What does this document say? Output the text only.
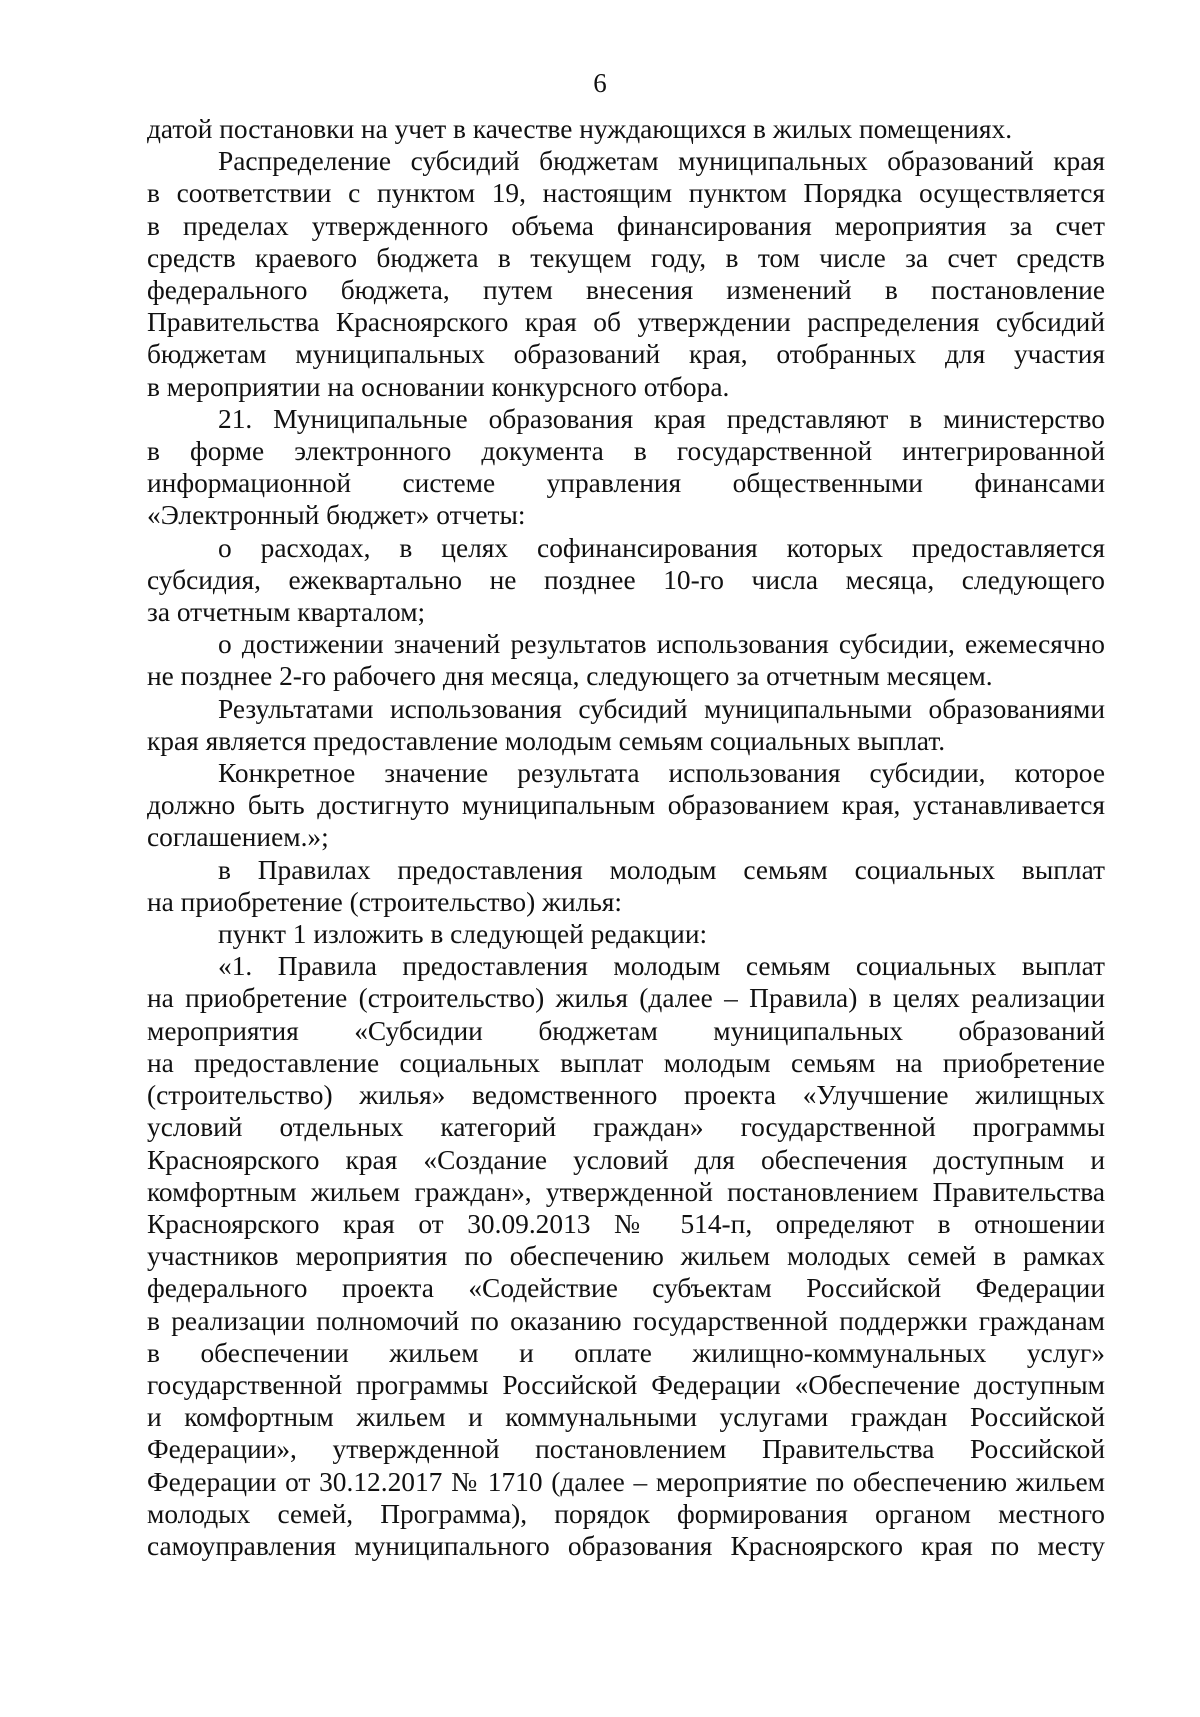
6

датой постановки на учет в качестве нуждающихся в жилых помещениях.

Распределение субсидий бюджетам муниципальных образований края

в соответствии с пунктом 19, настоящим пунктом Порядка осуществляется

в пределах утвержденного объема финансирования мероприятия за счет

средств краевого бюджета в текущем году, в том числе за счет средств

федерального бюджета, путем внесения изменений в постановление

Правительства Красноярского края об утверждении распределения субсидий

бюджетам муниципальных образований края, отобранных для участия

в мероприятии на основании конкурсного отбора.

21. Муниципальные образования края представляют в министерство

в форме электронного документа в государственной интегрированной

информационной системе управления общественными финансами

«Электронный бюджет» отчеты:

о расходах, в целях софинансирования которых предоставляется

субсидия, ежеквартально не позднее 10-го числа месяца, следующего

за отчетным кварталом;

о достижении значений результатов использования субсидии, ежемесячно

не позднее 2-го рабочего дня месяца, следующего за отчетным месяцем.

Результатами использования субсидий муниципальными образованиями

края является предоставление молодым семьям социальных выплат.

Конкретное значение результата использования субсидии, которое

должно быть достигнуто муниципальным образованием края, устанавливается

соглашением.»;

в Правилах предоставления молодым семьям социальных выплат

на приобретение (строительство) жилья:

пункт 1 изложить в следующей редакции:

«1. Правила предоставления молодым семьям социальных выплат

на приобретение (строительство) жилья (далее – Правила) в целях реализации

мероприятия «Субсидии бюджетам муниципальных образований

на предоставление социальных выплат молодым семьям на приобретение

(строительство) жилья» ведомственного проекта «Улучшение жилищных

условий отдельных категорий граждан» государственной программы

Красноярского края «Создание условий для обеспечения доступным и

комфортным жильем граждан», утвержденной постановлением Правительства

Красноярского края от 30.09.2013 № 514-п, определяют в отношении

участников мероприятия по обеспечению жильем молодых семей в рамках

федерального проекта «Содействие субъектам Российской Федерации

в реализации полномочий по оказанию государственной поддержки гражданам

в обеспечении жильем и оплате жилищно-коммунальных услуг»

государственной программы Российской Федерации «Обеспечение доступным

и комфортным жильем и коммунальными услугами граждан Российской

Федерации», утвержденной постановлением Правительства Российской

Федерации от 30.12.2017 № 1710 (далее – мероприятие по обеспечению жильем

молодых семей, Программа), порядок формирования органом местного

самоуправления муниципального образования Красноярского края по месту
